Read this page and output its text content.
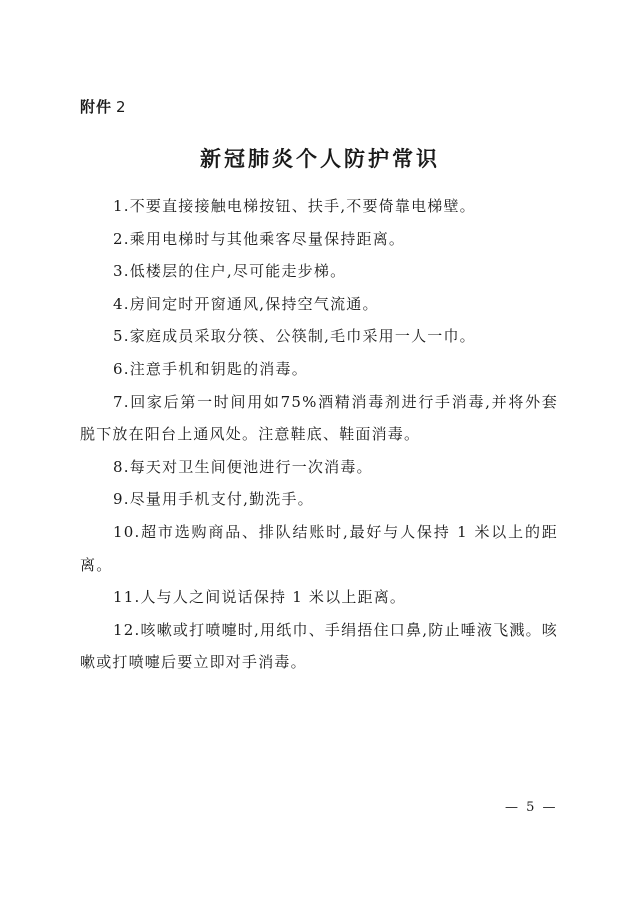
附件 2
新冠肺炎个人防护常识

1.不要直接接触电梯按钮、扶手,不要倚靠电梯壁。

2.乘用电梯时与其他乘客尽量保持距离。

3.低楼层的住户,尽可能走步梯。

4.房间定时开窗通风,保持空气流通。

5.家庭成员采取分筷、公筷制,毛巾采用一人一巾。

6.注意手机和钥匙的消毒。

7.回家后第一时间用如75%酒精消毒剂进行手消毒,并将外套脱下放在阳台上通风处。注意鞋底、鞋面消毒。

8.每天对卫生间便池进行一次消毒。

9.尽量用手机支付,勤洗手。

10.超市选购商品、排队结账时,最好与人保持 1 米以上的距离。

11.人与人之间说话保持 1 米以上距离。

12.咳嗽或打喷嚏时,用纸巾、手绢捂住口鼻,防止唾液飞溅。咳嗽或打喷嚏后要立即对手消毒。

— 5 —
